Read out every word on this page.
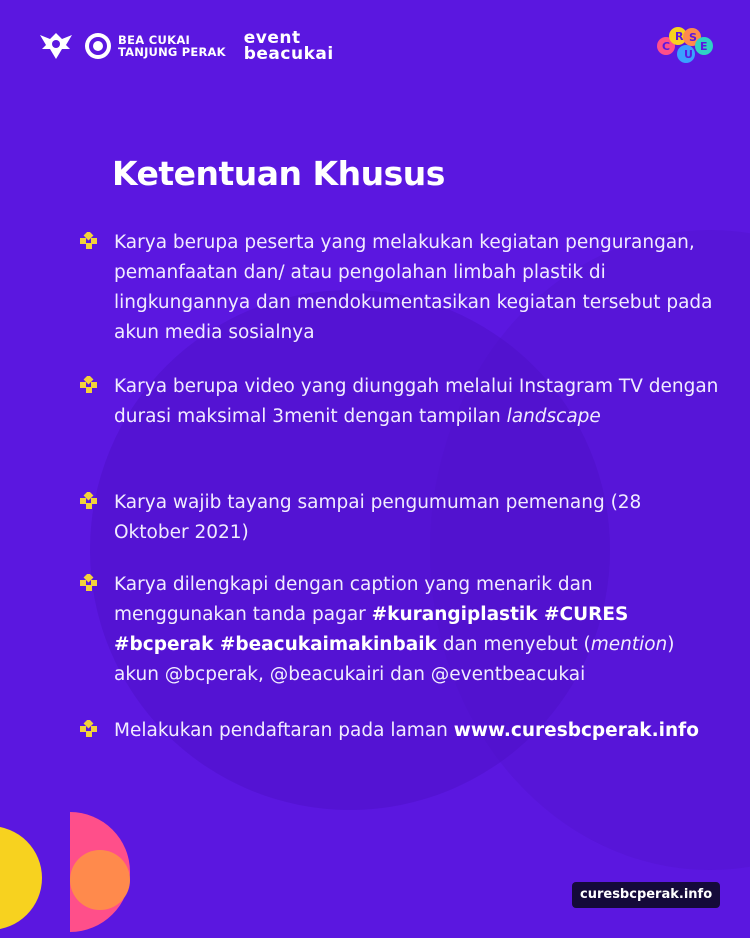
BEA CUKAI
TANJUNG PERAK
event
beacukai	C
U
R S
E
Ketentuan Khusus
Karya berupa peserta yang melakukan kegiatan pengurangan, pemanfaatan dan/ atau pengolahan limbah plastik di lingkungannya dan mendokumentasikan kegiatan tersebut pada akun media sosialnya
Karya berupa video yang diunggah melalui Instagram TV dengan durasi maksimal 3menit dengan tampilan landscape
Karya wajib tayang sampai pengumuman pemenang (28 Oktober 2021)
Karya dilengkapi dengan caption yang menarik dan menggunakan tanda pagar #kurangiplastik #CURES #bcperak #beacukaimakinbaik dan menyebut (mention) akun @bcperak, @beacukairi dan @eventbeacukai
Melakukan pendaftaran pada laman www.curesbcperak.info
curesbcperak.info
